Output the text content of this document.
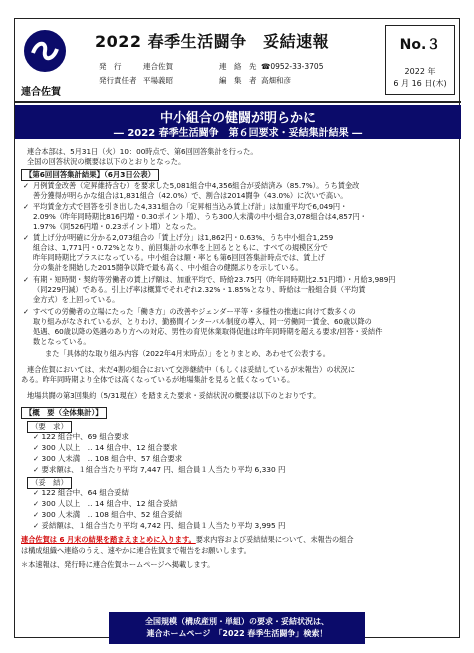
連合佐賀
2022 春季生活闘争　妥結速報
発　行	連合佐賀	連　絡　先 ☎0952-33-3705
発行責任者 平場義昭	編　集　者 高畑和彦
No.３
2022 年
6 月 16 日(木)
中小組合の健闘が明らかに
― 2022 春季生活闘争　第６回要求・妥結集計結果 ―
連合本部は、5月31日（火）10：00時点で、第6回回答集計を行った。
全国の回答状況の概要は以下のとおりとなった。
【第6回回答集計結果】（6月3日公表）
✓ 月例賃金改善（定昇維持含む）を要求した5,081組合中4,356組合が妥結済み（85.7%）。うち賃金改
善分獲得が明らかな組合は1,831組合（42.0%）で、割合は2014闘争（43.0%）に次いで高い。
✓ 平均賃金方式で回答を引き出した4,331組合の「定昇相当込み賃上げ計」は加重平均で6,049円・
2.09%（昨年同時期比816円増・0.30ポイント増）、うち300人未満の中小組合3,078組合は4,857円・
1.97%（同526円増・0.23ポイント増）となった。
✓ 賃上げ分が明確に分かる2,073組合の「賃上げ分」は1,862円・0.63%、うち中小組合1,259
組合は、1,771円・0.72%となり、前回集計の水準を上回るとともに、すべての規模区分で
昨年同時期比プラスになっている。中小組合は額・率とも第6回回答集計時点では、賃上げ
分の集計を開始した2015闘争以降で最も高く、中小組合の健闘ぶりを示している。
✓ 有期・短時間・契約等労働者の賃上げ額は、加重平均で、時給23.75円（昨年同時期比2.51円増）・月給3,989円
（同229円減）である。引上げ率は概算でそれぞれ2.32%・1.85%となり、時給は一般組合員（平均賃
金方式）を上回っている。
✓ すべての労働者の立場にたった「働き方」の改善やジェンダー平等・多様性の推進に向けて数多くの
取り組みがなされているが、とりわけ、勤務間インターバル制度の導入、同一労働同一賃金、60歳以降の
処遇、60歳以降の処遇のあり方への対応、男性の育児休業取得促進は昨年同時期を超える要求/回答・妥結件
数となっている。
また「具体的な取り組み内容（2022年4月末時点）」をとりまとめ、あわせて公表する。
連合佐賀においては、未だ4割の組合において交渉継続中（もしくは妥結しているが未報告）の状況に
ある。昨年同時期より全体では高くなっているが地場集計を見ると低くなっている。
地場共闘の第3回集約（5/31現在）を踏まえた要求・妥結状況の概要は以下のとおりです。
【概　要（全体集計）】
（要　求）
✓ 122 組合中、69 組合要求
✓ 300 人以上　‥ 14 組合中、12 組合要求
✓ 300 人未満　‥ 108 組合中、57 組合要求
✓ 要求額は、１組合当たり平均 7,447 円、組合員１人当たり平均 6,330 円
（妥　結）
✓ 122 組合中、64 組合妥結
✓ 300 人以上　‥ 14 組合中、12 組合妥結
✓ 300 人未満　‥ 108 組合中、52 組合妥結
✓ 妥結額は、１組合当たり平均 4,742 円、組合員１人当たり平均 3,995 円
連合佐賀は 6 月末の結果を踏まえまとめに入ります。要求内容および妥結結果について、未報告の組合
は構成組織へ連絡のうえ、速やかに連合佐賀まで報告をお願いします。
＊本速報は、発行時に連合佐賀ホームページへ掲載します。
全国規模（構成産別・単組）の要求・妥結状況は、
連合ホームページ　「2022 春季生活闘争」検索！
